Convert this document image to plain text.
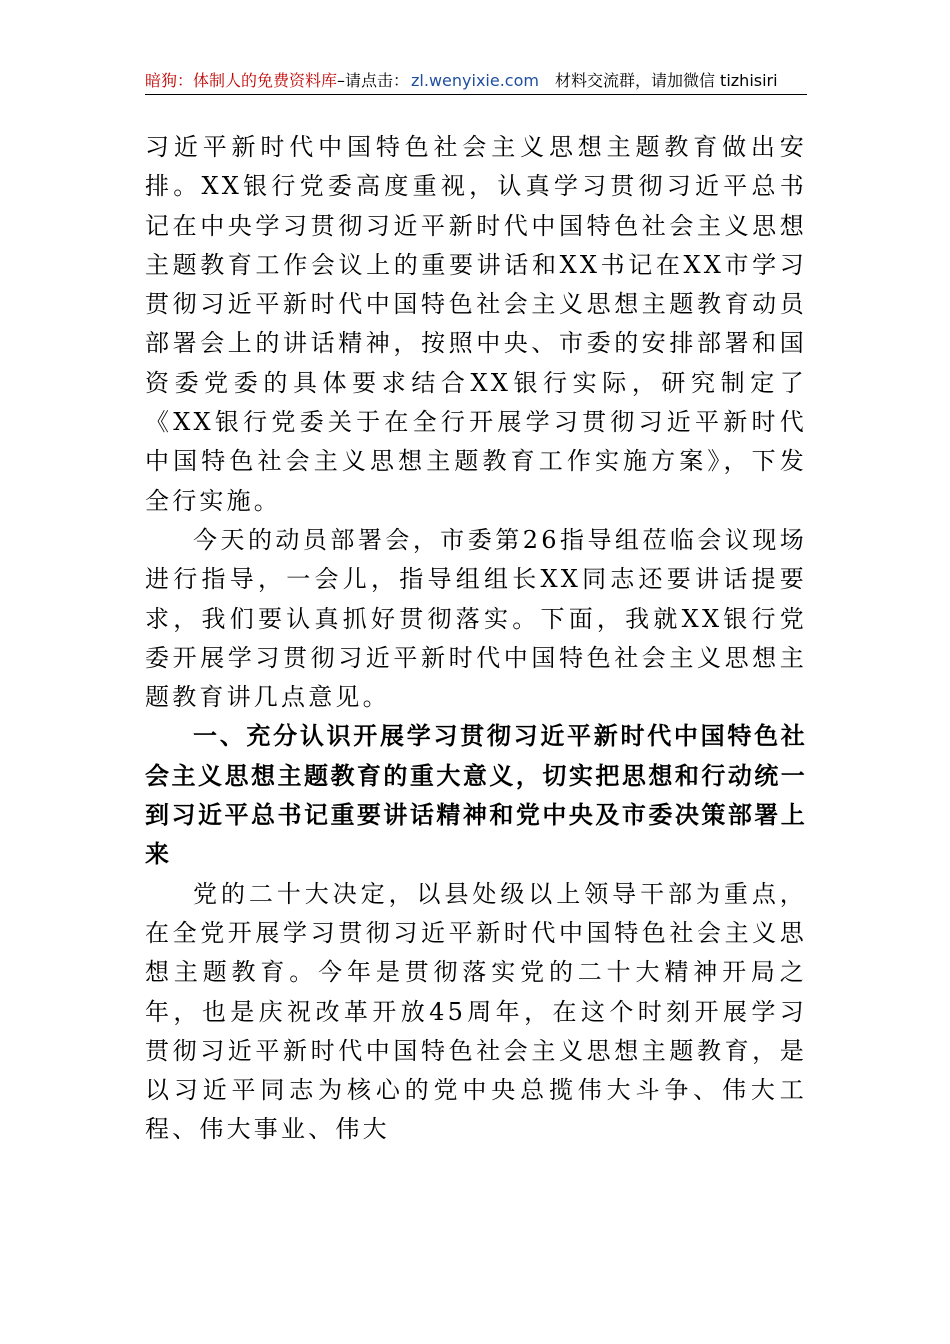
暗狗：体制人的免费资料库–请点击： zl.wenyixie.com 材料交流群，请加微信 tizhisiri

习近平新时代中国特色社会主义思想主题教育做出安排。XX银行党委高度重视，认真学习贯彻习近平总书记在中央学习贯彻习近平新时代中国特色社会主义思想主题教育工作会议上的重要讲话和XX书记在XX市学习贯彻习近平新时代中国特色社会主义思想主题教育动员部署会上的讲话精神，按照中央、市委的安排部署和国资委党委的具体要求结合XX银行实际，研究制定了《XX银行党委关于在全行开展学习贯彻习近平新时代中国特色社会主义思想主题教育工作实施方案》，下发全行实施。

今天的动员部署会，市委第26指导组莅临会议现场进行指导，一会儿，指导组组长XX同志还要讲话提要求，我们要认真抓好贯彻落实。下面，我就XX银行党委开展学习贯彻习近平新时代中国特色社会主义思想主题教育讲几点意见。

一、充分认识开展学习贯彻习近平新时代中国特色社会主义思想主题教育的重大意义，切实把思想和行动统一到习近平总书记重要讲话精神和党中央及市委决策部署上来

党的二十大决定，以县处级以上领导干部为重点，在全党开展学习贯彻习近平新时代中国特色社会主义思想主题教育。今年是贯彻落实党的二十大精神开局之年，也是庆祝改革开放45周年，在这个时刻开展学习贯彻习近平新时代中国特色社会主义思想主题教育，是以习近平同志为核心的党中央总揽伟大斗争、伟大工程、伟大事业、伟大
